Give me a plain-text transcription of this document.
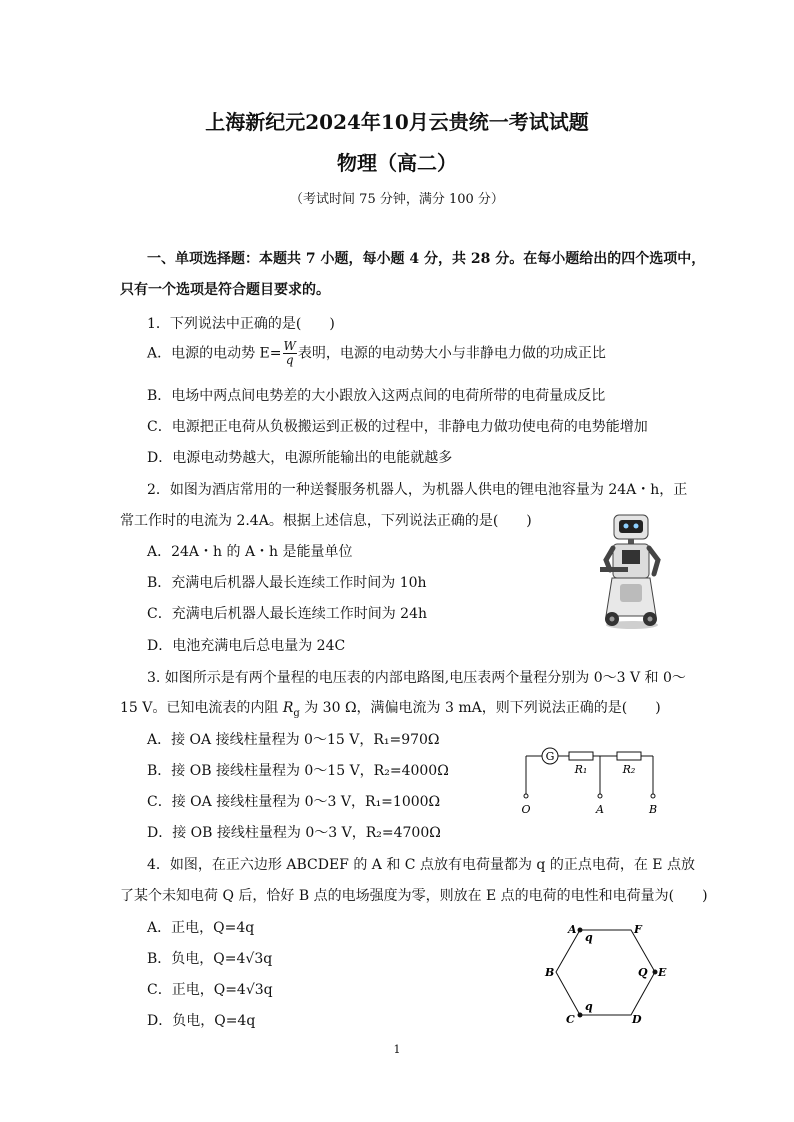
上海新纪元2024年10月云贵统一考试试题
物理（高二）
（考试时间 75 分钟，满分 100 分）
一、单项选择题：本题共 7 小题，每小题 4 分，共 28 分。在每小题给出的四个选项中，
只有一个选项是符合题目要求的。
1．下列说法中正确的是(　　)
A．电源的电动势 $E= \frac{W}{q}$ 表明，电源的电动势大小与非静电力做的功成正比
B．电场中两点间电势差的大小跟放入这两点间的电荷所带的电荷量成反比
C．电源把正电荷从负极搬运到正极的过程中，非静电力做功使电荷的电势能增加
D．电源电动势越大，电源所能输出的电能就越多
2．如图为酒店常用的一种送餐服务机器人，为机器人供电的锂电池容量为 24A・h，正
常工作时的电流为 2.4A。根据上述信息，下列说法正确的是(　　)
A．24A・h 的 A・h 是能量单位
B．充满电后机器人最长连续工作时间为 10h
C．充满电后机器人最长连续工作时间为 24h
D．电池充满电后总电量为 24C
3. 如图所示是有两个量程的电压表的内部电路图,电压表两个量程分别为 0～3 V 和 0～
15 V。已知电流表的内阻 $R_g$ 为 30 Ω，满偏电流为 3 mA，则下列说法正确的是(　　)
A．接 OA 接线柱量程为 0～15 V，R₁=970Ω
B．接 OB 接线柱量程为 0～15 V，R₂=4000Ω
C．接 OA 接线柱量程为 0～3 V，R₁=1000Ω
D．接 OB 接线柱量程为 0～3 V，R₂=4700Ω
G
R₁	R₂
O	A	B
4．如图，在正六边形 ABCDEF 的 A 和 C 点放有电荷量都为 q 的正点电荷，在 E 点放
了某个未知电荷 Q 后，恰好 B 点的电场强度为零，则放在 E 点的电荷的电性和电荷量为(　　)
A．正电，Q=4q
B．负电，Q=4√3q
C．正电，Q=4√3q
D．负电，Q=4q
A	F
B	E
C	D
q
q
Q
1
